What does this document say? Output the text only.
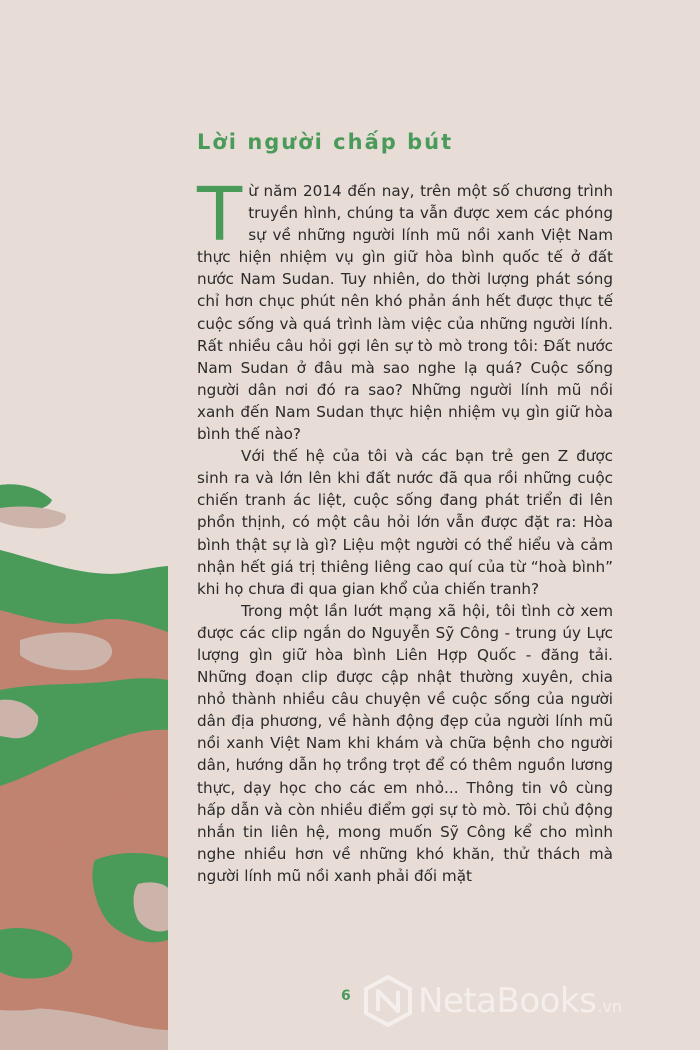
Lời người chấp bút

Từ năm 2014 đến nay, trên một số chương trình truyền hình, chúng ta vẫn được xem các phóng sự về những người lính mũ nồi xanh Việt Nam thực hiện nhiệm vụ gìn giữ hòa bình quốc tế ở đất nước Nam Sudan. Tuy nhiên, do thời lượng phát sóng chỉ hơn chục phút nên khó phản ánh hết được thực tế cuộc sống và quá trình làm việc của những người lính. Rất nhiều câu hỏi gợi lên sự tò mò trong tôi: Đất nước Nam Sudan ở đâu mà sao nghe lạ quá? Cuộc sống người dân nơi đó ra sao? Những người lính mũ nồi xanh đến Nam Sudan thực hiện nhiệm vụ gìn giữ hòa bình thế nào?

Với thế hệ của tôi và các bạn trẻ gen Z được sinh ra và lớn lên khi đất nước đã qua rồi những cuộc chiến tranh ác liệt, cuộc sống đang phát triển đi lên phồn thịnh, có một câu hỏi lớn vẫn được đặt ra: Hòa bình thật sự là gì? Liệu một người có thể hiểu và cảm nhận hết giá trị thiêng liêng cao quí của từ “hoà bình” khi họ chưa đi qua gian khổ của chiến tranh?

Trong một lần lướt mạng xã hội, tôi tình cờ xem được các clip ngắn do Nguyễn Sỹ Công - trung úy Lực lượng gìn giữ hòa bình Liên Hợp Quốc - đăng tải. Những đoạn clip được cập nhật thường xuyên, chia nhỏ thành nhiều câu chuyện về cuộc sống của người dân địa phương, về hành động đẹp của người lính mũ nồi xanh Việt Nam khi khám và chữa bệnh cho người dân, hướng dẫn họ trồng trọt để có thêm nguồn lương thực, dạy học cho các em nhỏ... Thông tin vô cùng hấp dẫn và còn nhiều điểm gợi sự tò mò. Tôi chủ động nhắn tin liên hệ, mong muốn Sỹ Công kể cho mình nghe nhiều hơn về những khó khăn, thử thách mà người lính mũ nồi xanh phải đối mặt

6 NetaBooks .vn
